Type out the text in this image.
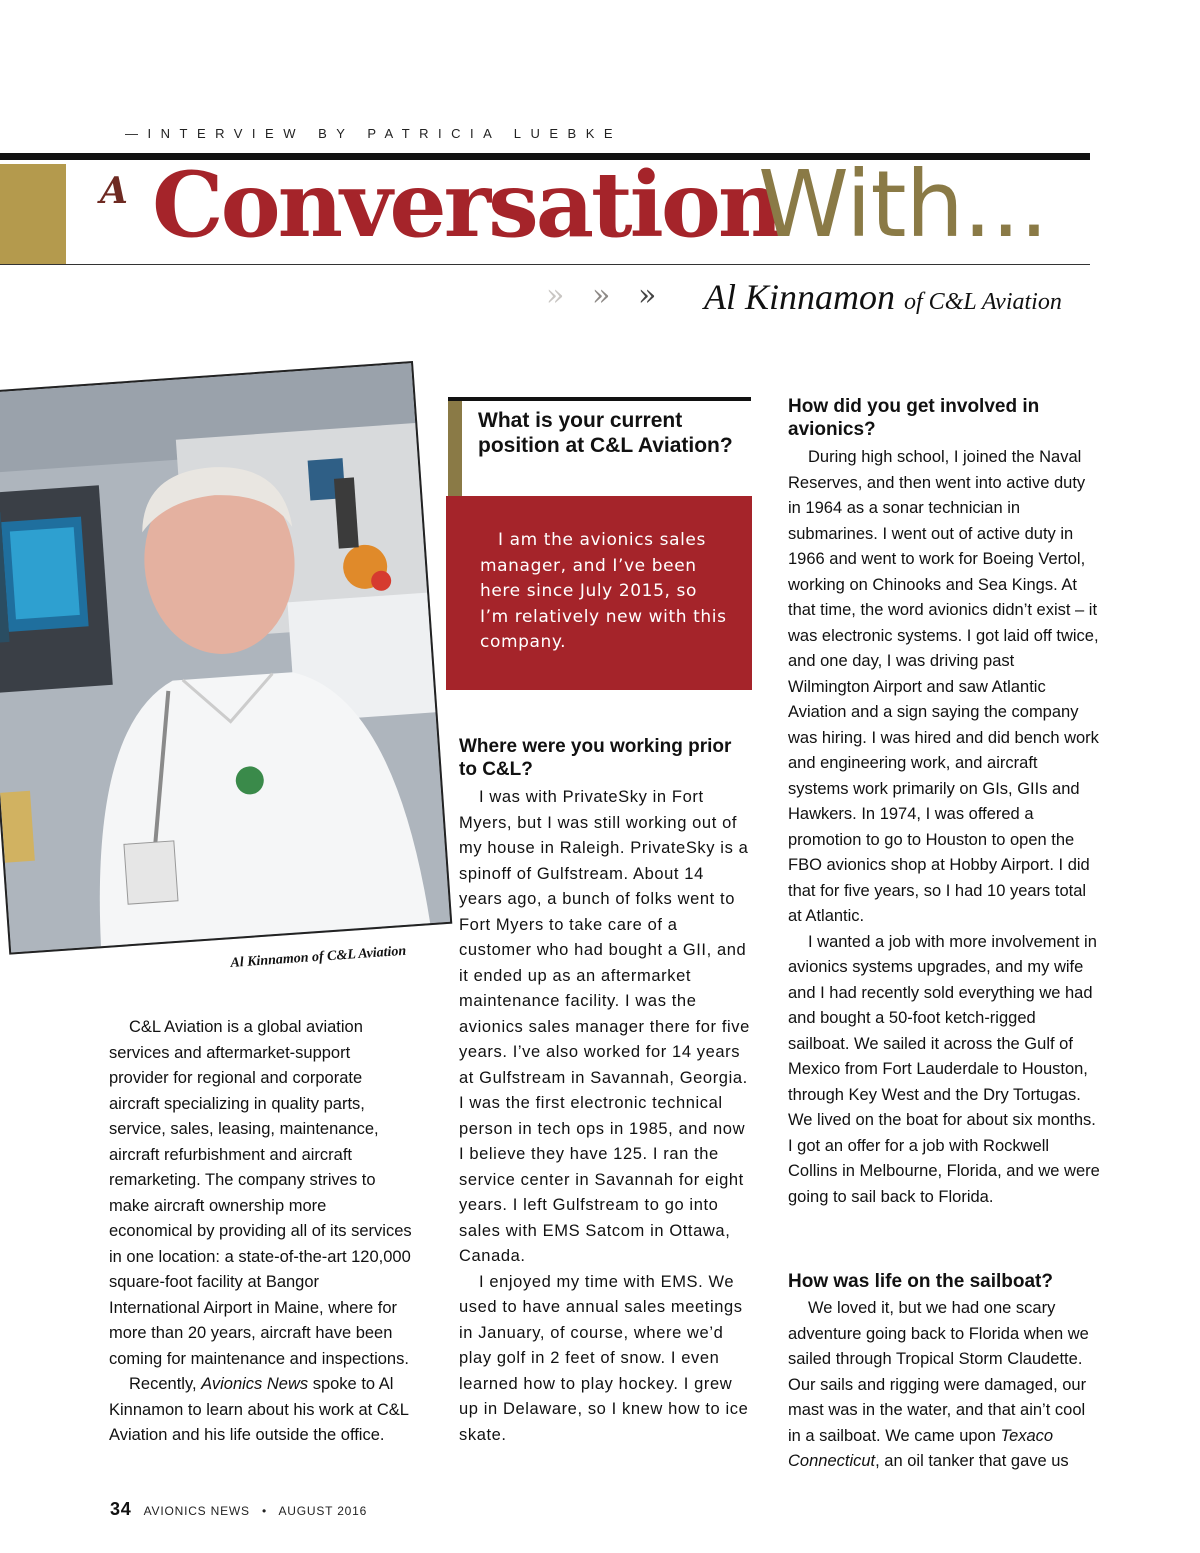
—INTERVIEW BY PATRICIA LUEBKE
A Conversation
With...
» » » Al Kinnamon of C&L Aviation
Al Kinnamon of C&L Aviation

C&L Aviation is a global aviation services and aftermarket-support provider for regional and corporate aircraft specializing in quality parts, service, sales, leasing, maintenance, aircraft refurbishment and aircraft remarketing. The company strives to make aircraft ownership more economical by providing all of its services in one location: a state-of-the-art 120,000 square-foot facility at Bangor International Airport in Maine, where for more than 20 years, aircraft have been coming for maintenance and inspections.

Recently, Avionics News spoke to Al Kinnamon to learn about his work at C&L Aviation and his life outside the office.

What is your current position at C&L Aviation?
I am the avionics sales manager, and I’ve been here since July 2015, so I’m relatively new with this company.
Where were you working prior to C&L?

I was with PrivateSky in Fort Myers, but I was still working out of my house in Raleigh. PrivateSky is a spinoff of Gulfstream. About 14 years ago, a bunch of folks went to Fort Myers to take care of a customer who had bought a GII, and it ended up as an aftermarket maintenance facility. I was the avionics sales manager there for five years. I’ve also worked for 14 years at Gulfstream in Savannah, Georgia. I was the first electronic technical person in tech ops in 1985, and now I believe they have 125. I ran the service center in Savannah for eight years. I left Gulfstream to go into sales with EMS Satcom in Ottawa, Canada.

I enjoyed my time with EMS. We used to have annual sales meetings in January, of course, where we’d play golf in 2 feet of snow. I even learned how to play hockey. I grew up in Delaware, so I knew how to ice skate.

How did you get involved in avionics?

During high school, I joined the Naval Reserves, and then went into active duty in 1964 as a sonar technician in submarines. I went out of active duty in 1966 and went to work for Boeing Vertol, working on Chinooks and Sea Kings. At that time, the word avionics didn’t exist – it was electronic systems. I got laid off twice, and one day, I was driving past Wilmington Airport and saw Atlantic Aviation and a sign saying the company was hiring. I was hired and did bench work and engineering work, and aircraft systems work primarily on GIs, GIIs and Hawkers. In 1974, I was offered a promotion to go to Houston to open the FBO avionics shop at Hobby Airport. I did that for five years, so I had 10 years total at Atlantic.

I wanted a job with more involvement in avionics systems upgrades, and my wife and I had recently sold everything we had and bought a 50-foot ketch-rigged sailboat. We sailed it across the Gulf of Mexico from Fort Lauderdale to Houston, through Key West and the Dry Tortugas. We lived on the boat for about six months. I got an offer for a job with Rockwell Collins in Melbourne, Florida, and we were going to sail back to Florida.

How was life on the sailboat?

We loved it, but we had one scary adventure going back to Florida when we sailed through Tropical Storm Claudette. Our sails and rigging were damaged, our mast was in the water, and that ain’t cool in a sailboat. We came upon Texaco Connecticut, an oil tanker that gave us

34 AVIONICS NEWS • AUGUST 2016
